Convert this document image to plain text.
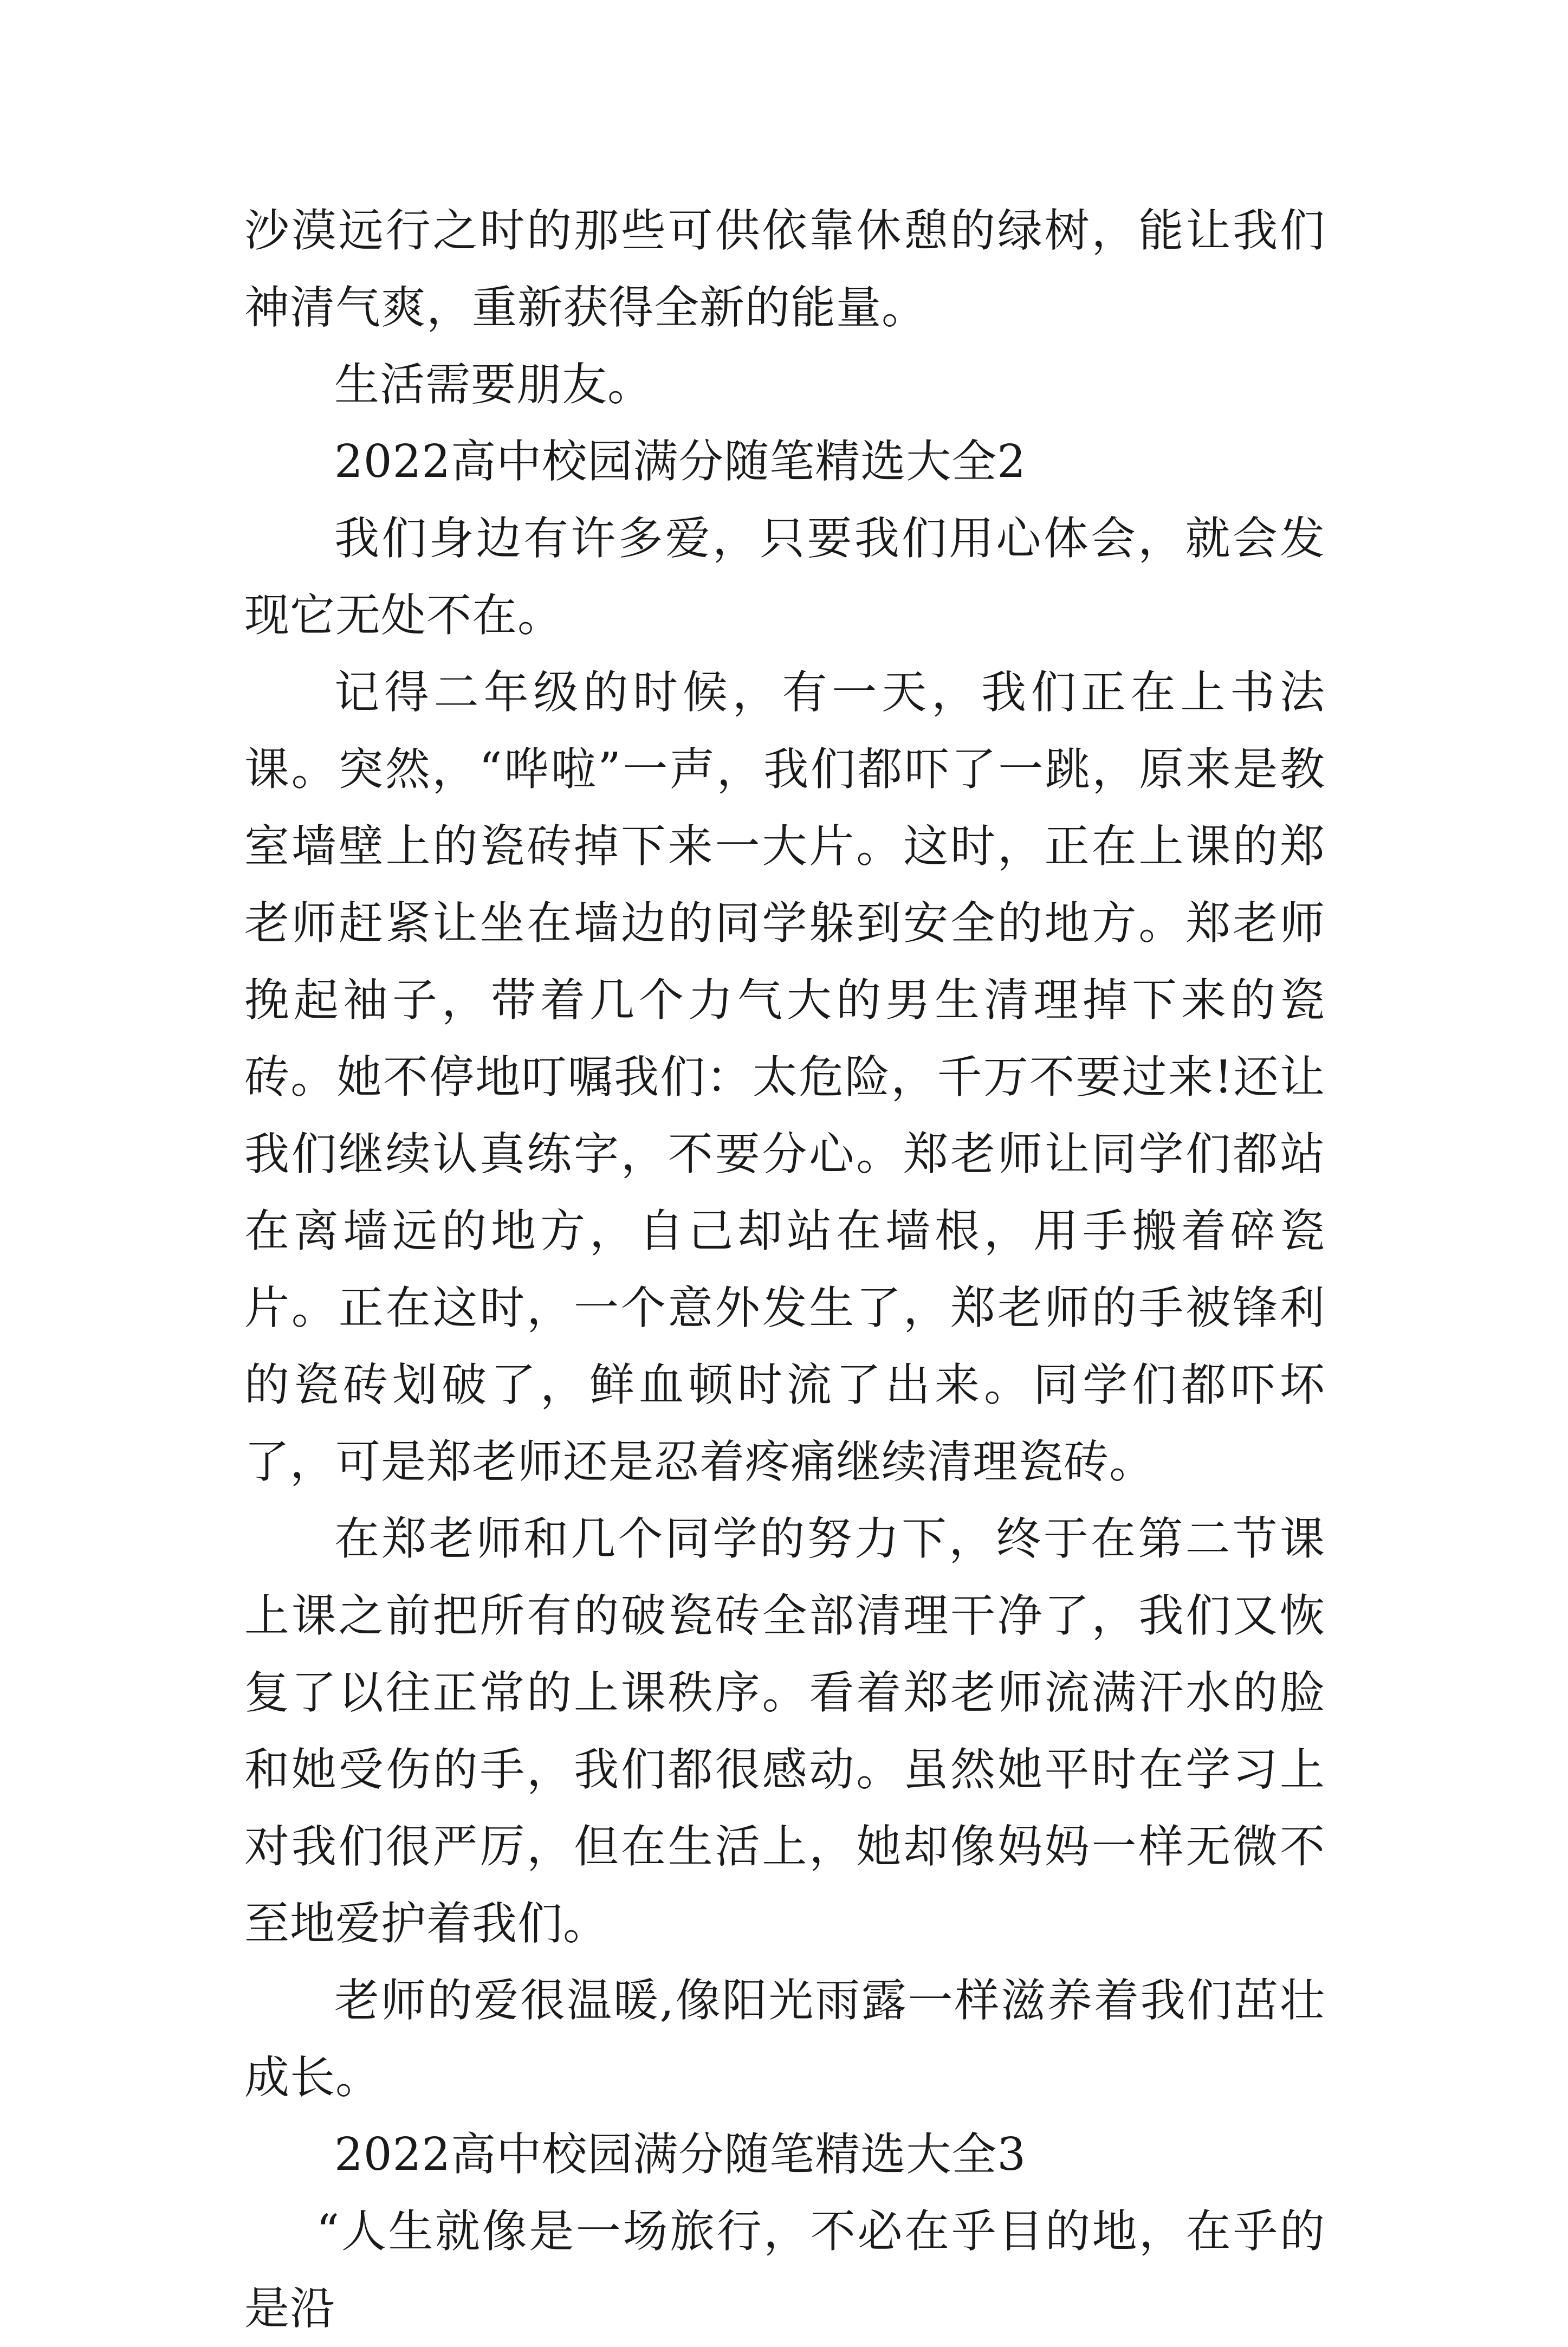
沙漠远行之时的那些可供依靠休憩的绿树，能让我们神清气爽，重新获得全新的能量。

生活需要朋友。

2022高中校园满分随笔精选大全2

我们身边有许多爱，只要我们用心体会，就会发现它无处不在。

记得二年级的时候，有一天，我们正在上书法课。突然，“哗啦”一声，我们都吓了一跳，原来是教室墙壁上的瓷砖掉下来一大片。这时，正在上课的郑老师赶紧让坐在墙边的同学躲到安全的地方。郑老师挽起袖子，带着几个力气大的男生清理掉下来的瓷砖。她不停地叮嘱我们：太危险，千万不要过来!还让我们继续认真练字，不要分心。郑老师让同学们都站在离墙远的地方，自己却站在墙根，用手搬着碎瓷片。正在这时，一个意外发生了，郑老师的手被锋利的瓷砖划破了，鲜血顿时流了出来。同学们都吓坏了，可是郑老师还是忍着疼痛继续清理瓷砖。

在郑老师和几个同学的努力下，终于在第二节课上课之前把所有的破瓷砖全部清理干净了，我们又恢复了以往正常的上课秩序。看着郑老师流满汗水的脸和她受伤的手，我们都很感动。虽然她平时在学习上对我们很严厉，但在生活上，她却像妈妈一样无微不至地爱护着我们。

老师的爱很温暖,像阳光雨露一样滋养着我们茁壮成长。

2022高中校园满分随笔精选大全3

“人生就像是一场旅行，不必在乎目的地，在乎的是沿
